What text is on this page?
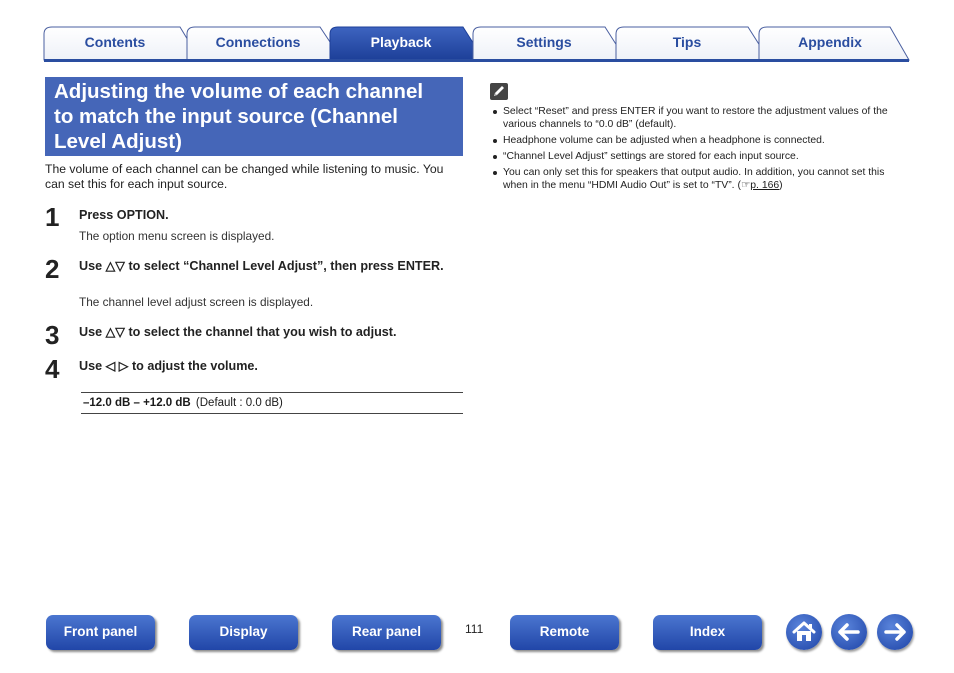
Contents	Connections	Playback	Settings	Tips	Appendix
Adjusting the volume of each channel
to match the input source (Channel
Level Adjust)
The volume of each channel can be changed while listening to music. You can set this for each input source.
1 Press OPTION.
The option menu screen is displayed.
2 Use △▽ to select “Channel Level Adjust”, then press ENTER.
The channel level adjust screen is displayed.
3 Use △▽ to select the channel that you wish to adjust.
4 Use ◁ ▷ to adjust the volume.
–12.0 dB – +12.0 dB (Default : 0.0 dB)
Select “Reset” and press ENTER if you want to restore the adjustment values of the various channels to “0.0 dB” (default).
Headphone volume can be adjusted when a headphone is connected.
“Channel Level Adjust” settings are stored for each input source.
You can only set this for speakers that output audio. In addition, you cannot set this when in the menu “HDMI Audio Out” is set to “TV”. (☞p. 166)
Front panel	Display	Rear panel	111	Remote	Index
